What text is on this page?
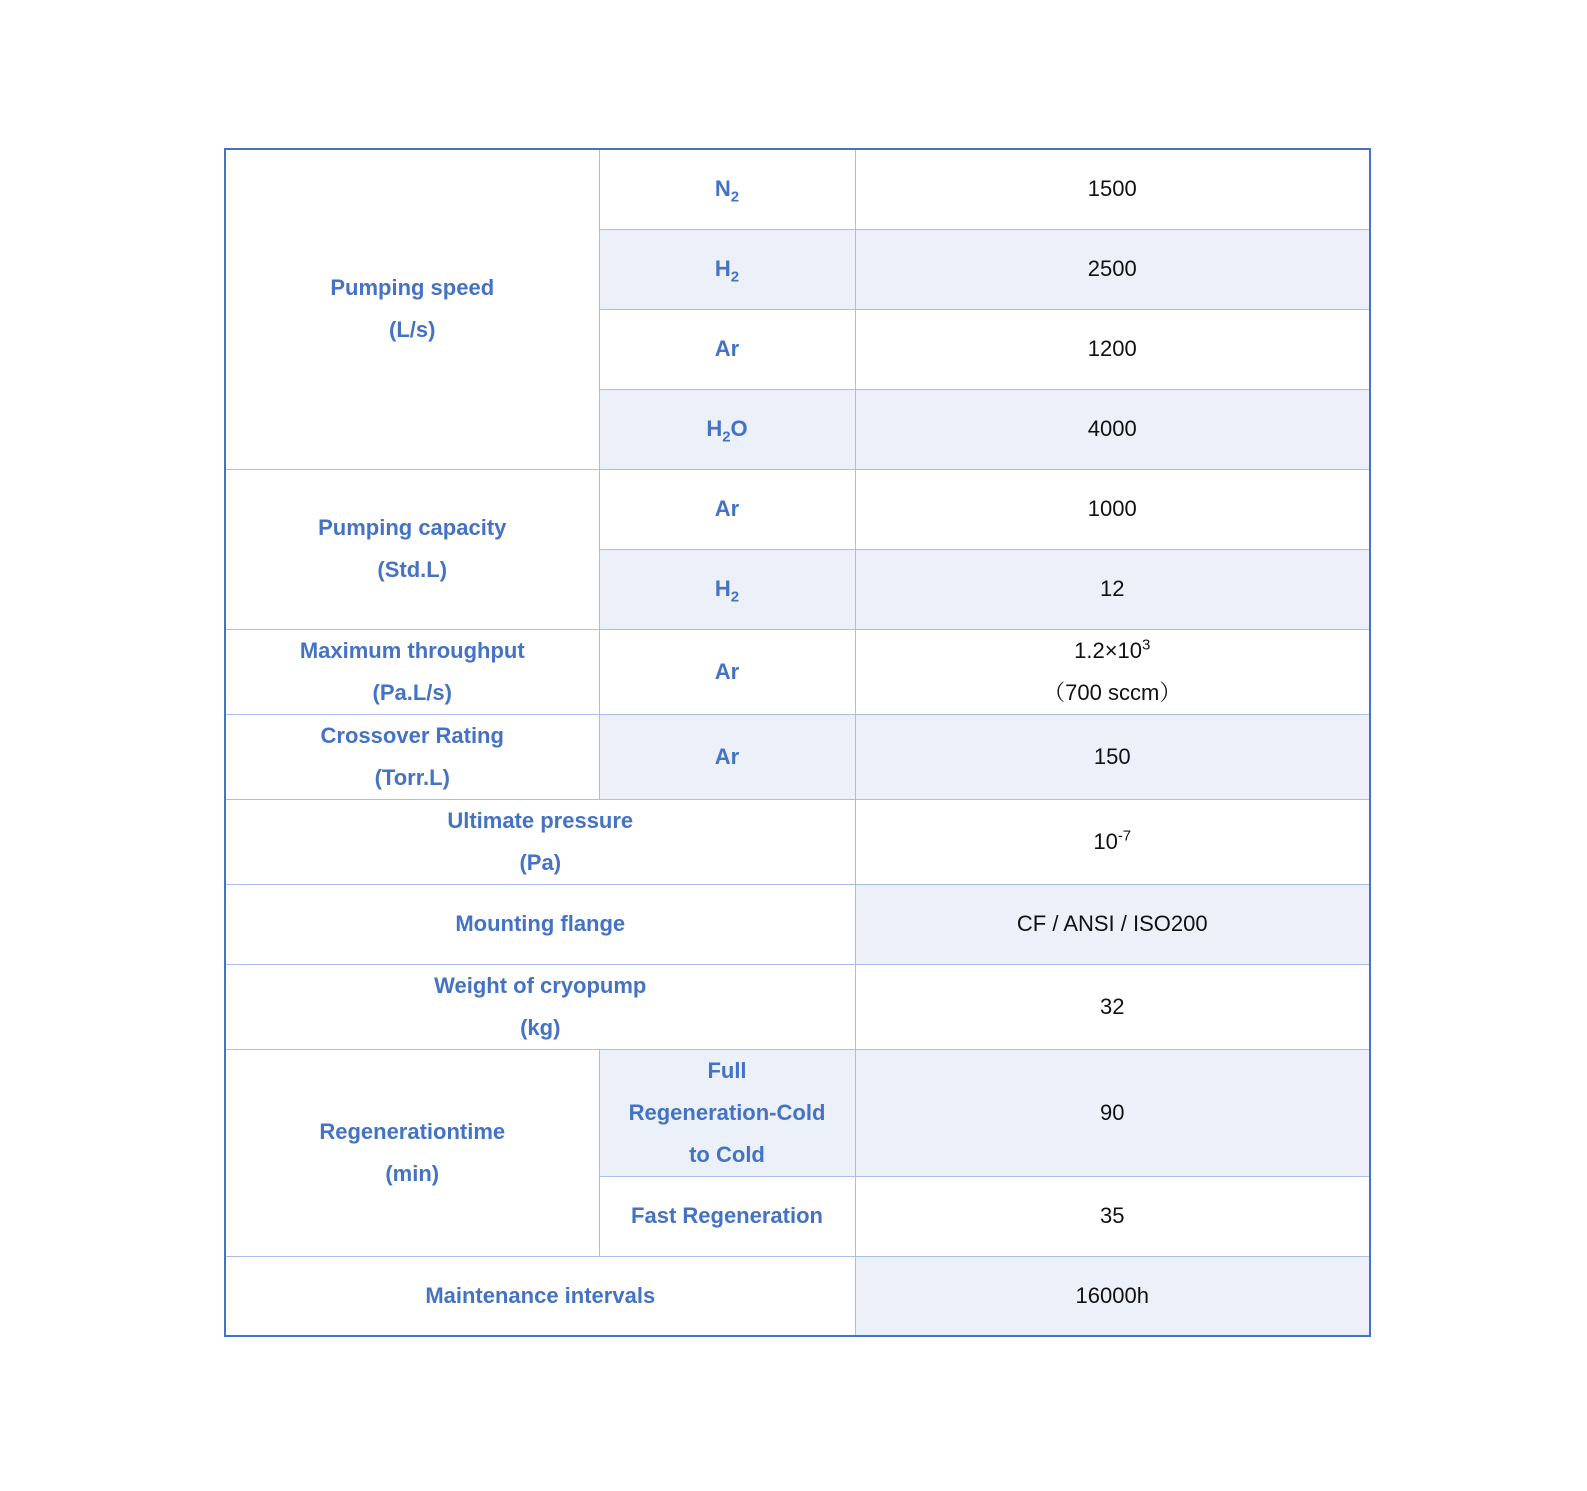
Pumping speed
(L/s)	$N_2$	1500
	$H_2$	2500
	Ar	1200
	$H_2O$	4000

Pumping capacity
(Std.L)	Ar	1000
	$H_2$	12

Maximum throughput
(Pa.L/s)	Ar	$1.2\times 10^3$
（700 sccm）

Crossover Rating
(Torr.L)	Ar	150

Ultimate pressure
(Pa)		$10^{-7}$
Mounting flange		CF / ANSI / ISO200

Weight of cryopump
(kg)		32

Regenerationtime
(min)	Full
Regeneration-Cold
to Cold	90
	Fast Regeneration	35
Maintenance intervals		16000h
